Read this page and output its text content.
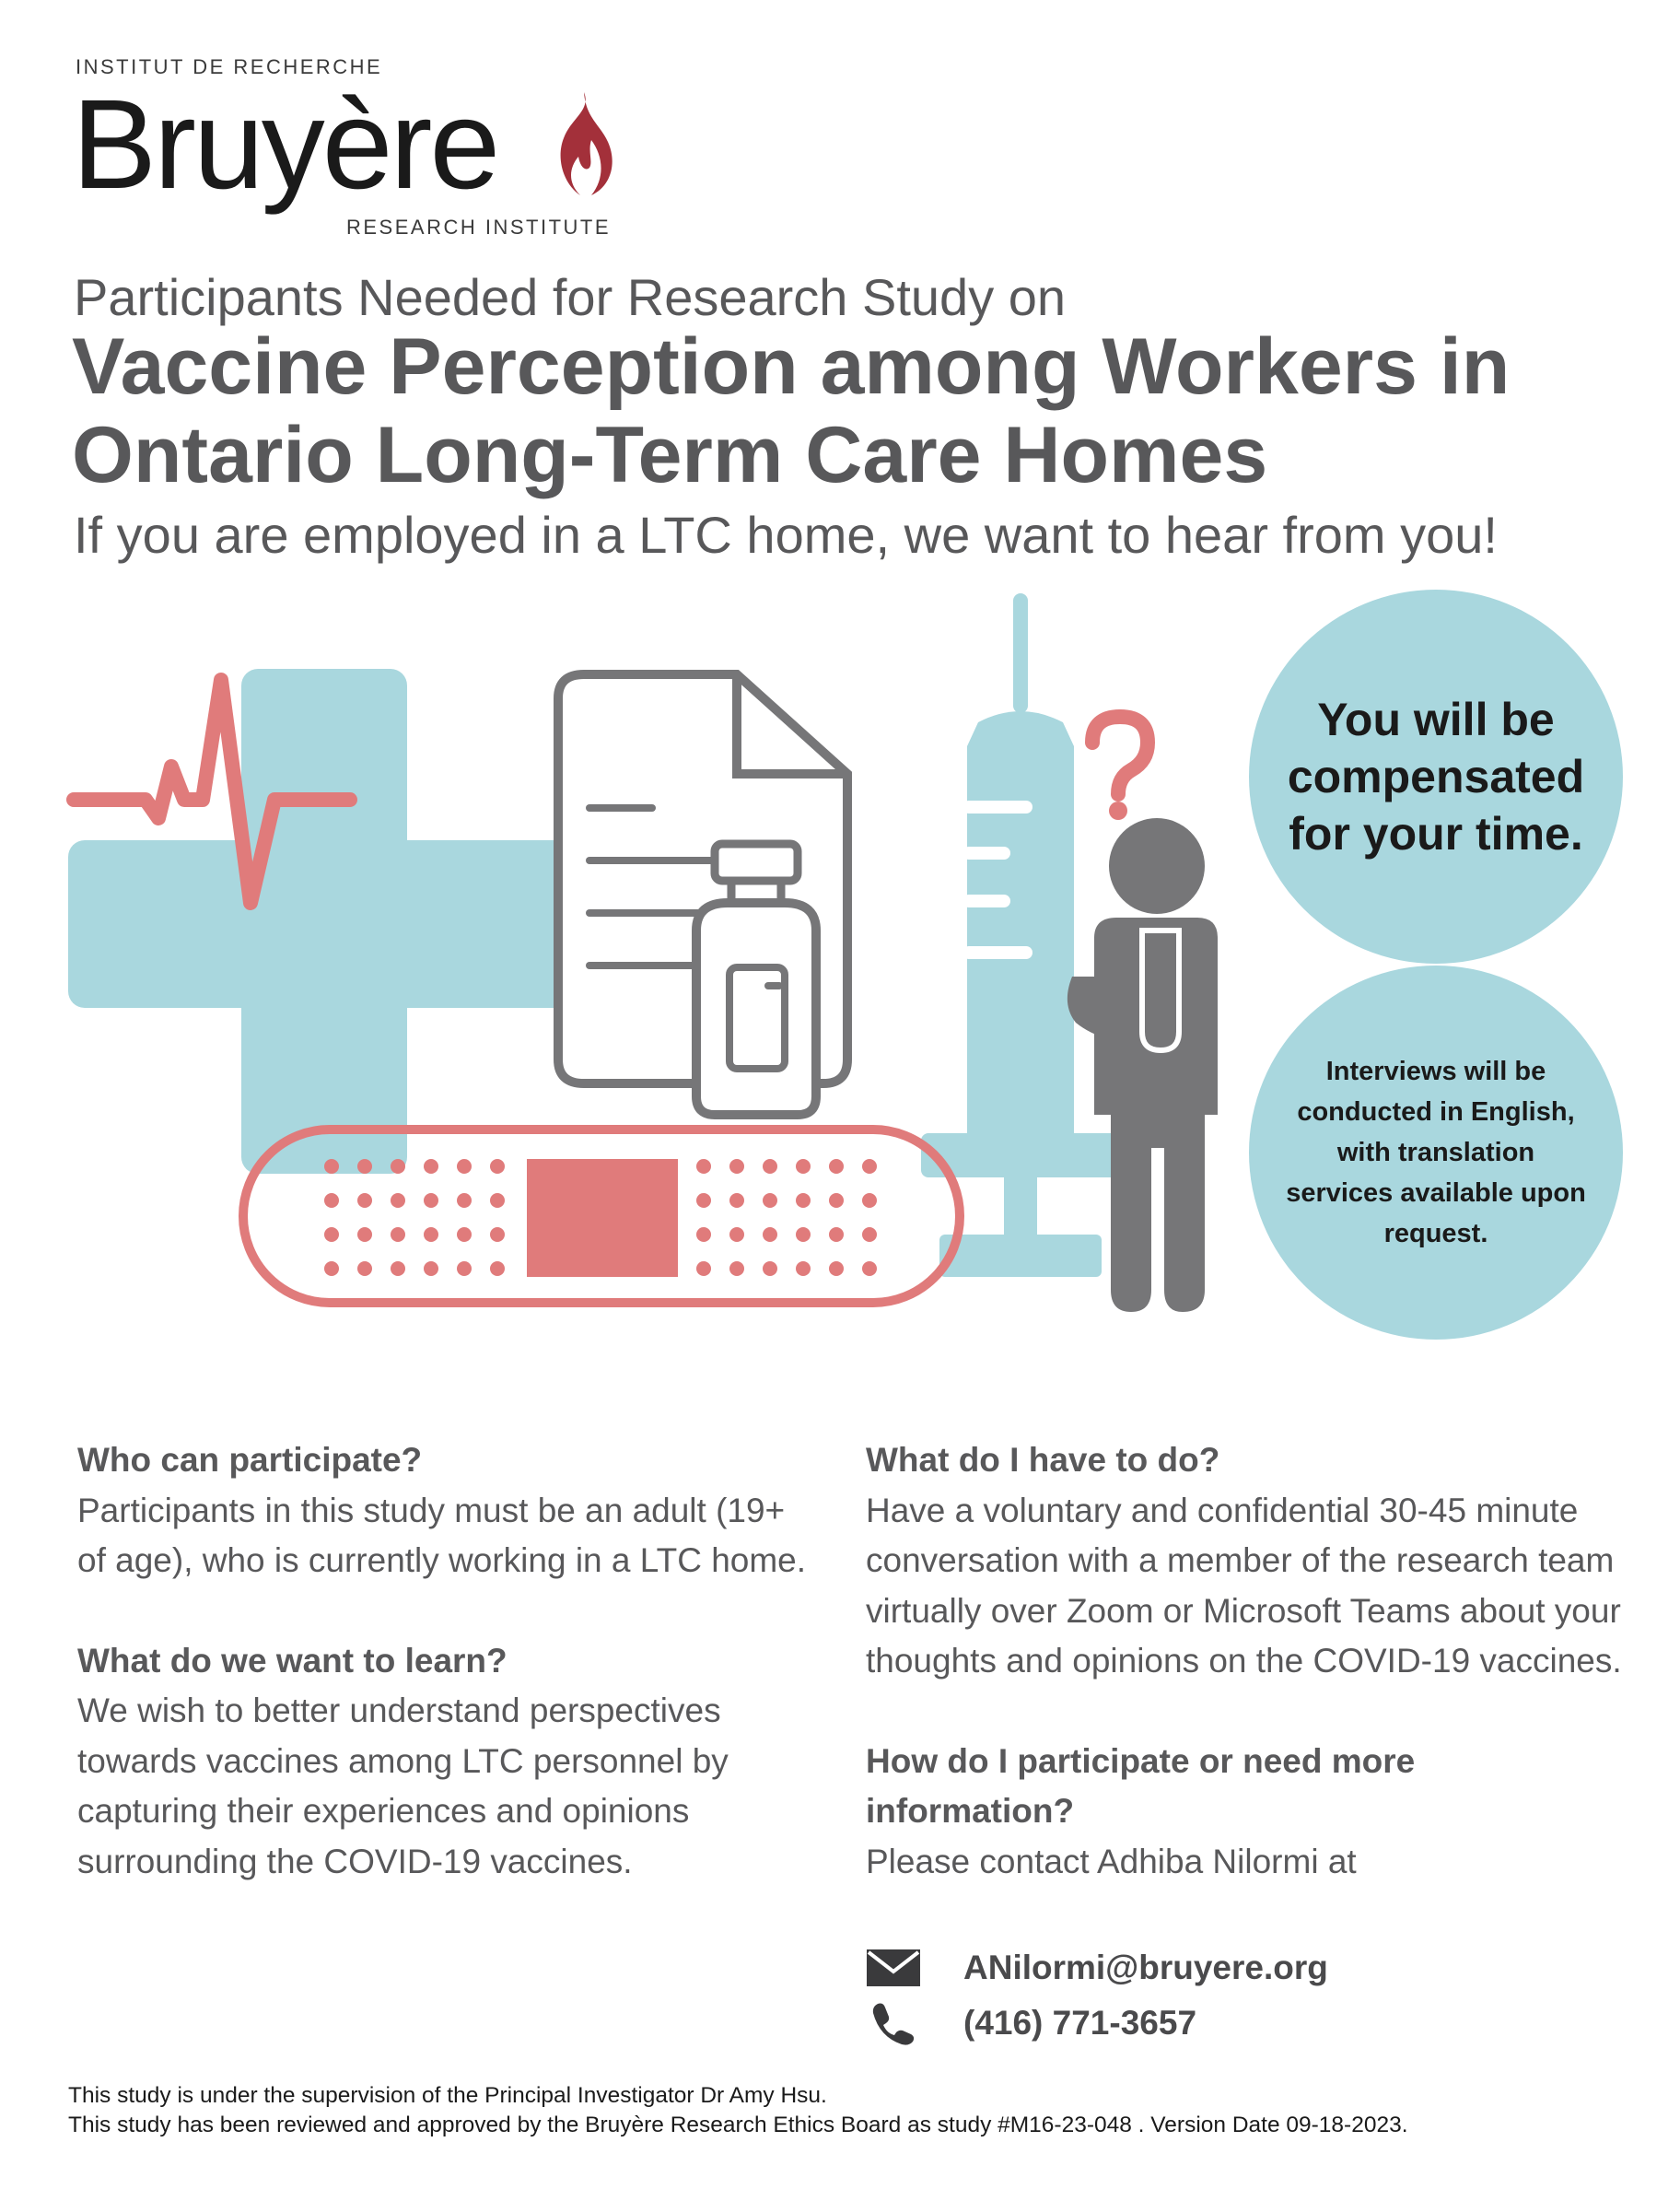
INSTITUT DE RECHERCHE
Bruyère
RESEARCH INSTITUTE
Participants Needed for Research Study on
Vaccine Perception among Workers in
Ontario Long-Term Care Homes
If you are employed in a LTC home, we want to hear from you!
You will be compensated for your time.
Interviews will be conducted in English, with translation services available upon request.
Who can participate?

Participants in this study must be an adult (19+ of age), who is currently working in a LTC home.

What do we want to learn?

We wish to better understand perspectives towards vaccines among LTC personnel by capturing their experiences and opinions surrounding the COVID-19 vaccines.

What do I have to do?

Have a voluntary and confidential 30-45 minute conversation with a member of the research team virtually over Zoom or Microsoft Teams about your thoughts and opinions on the COVID-19 vaccines.

How do I participate or need more information?

Please contact Adhiba Nilormi at

ANilormi@bruyere.org
(416) 771-3657
This study is under the supervision of the Principal Investigator Dr Amy Hsu.
This study has been reviewed and approved by the Bruyère Research Ethics Board as study #M16-23-048 . Version Date 09-18-2023.
